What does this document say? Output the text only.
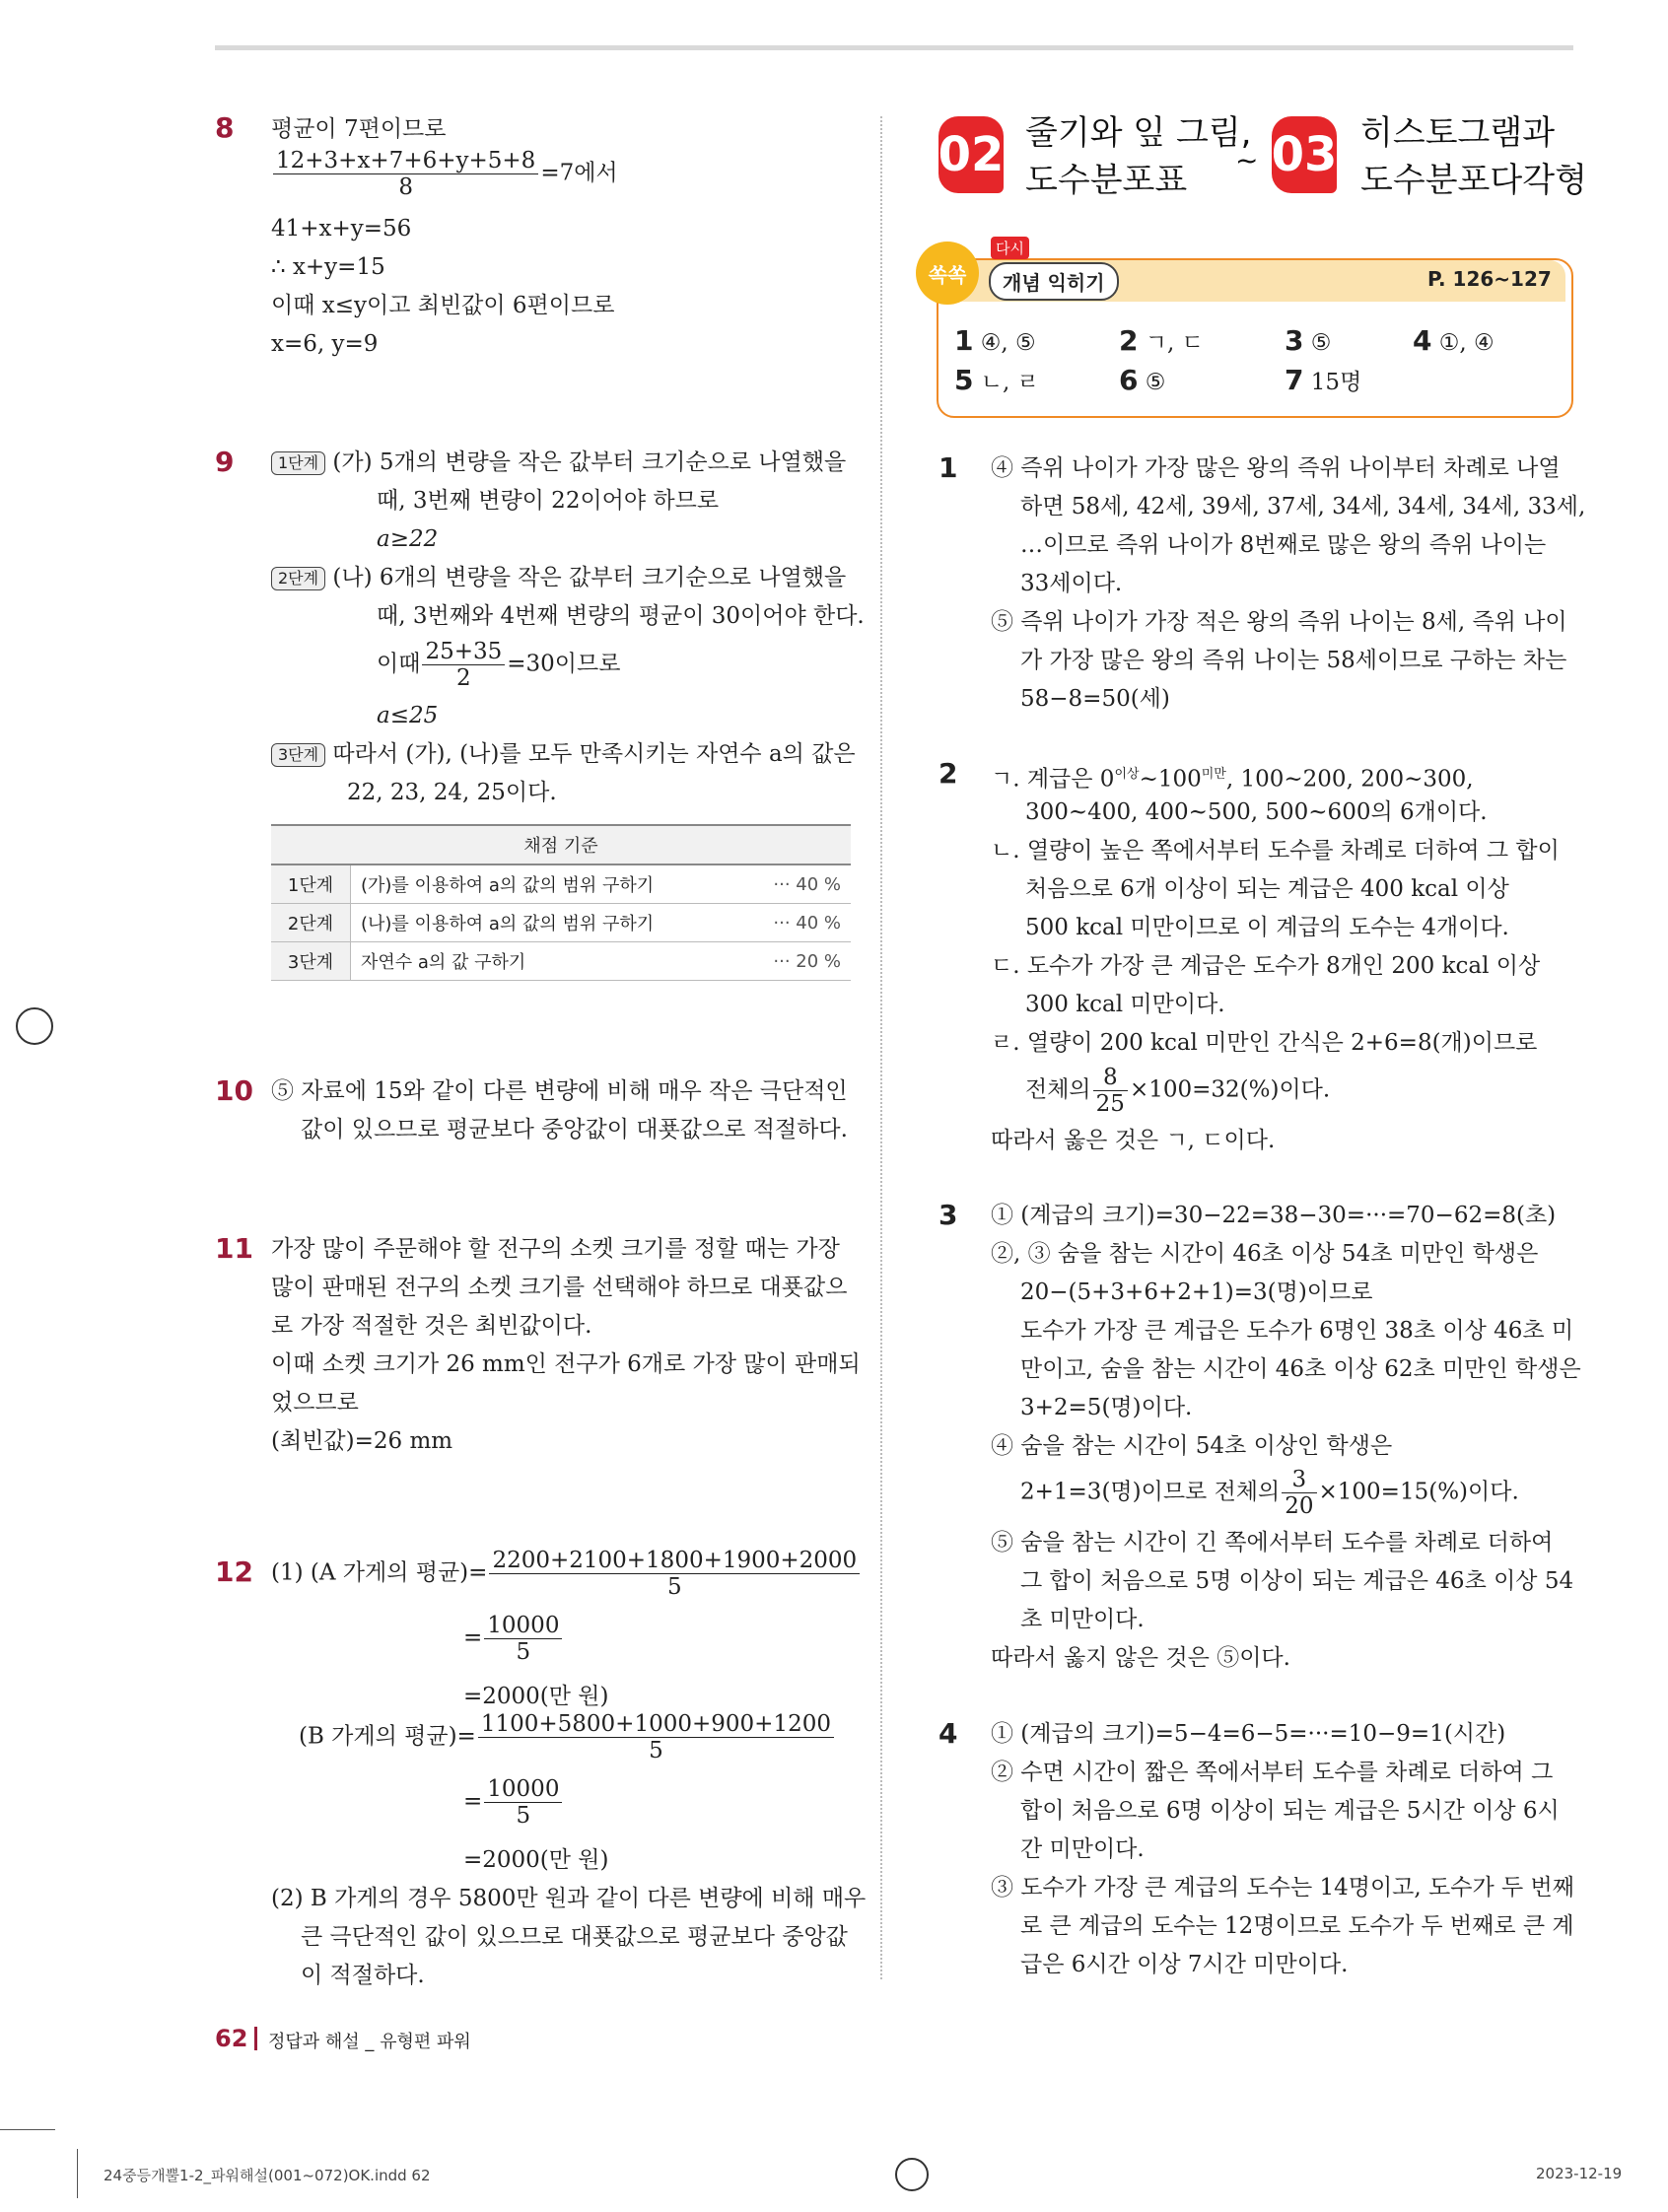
8 평균이 7편이므로
$\frac{12+3+x+7+6+y+5+8}{8} =7$에서
41+x+y=56
∴ x+y=15
이때 x≤y이고 최빈값이 6편이므로
x=6, y=9
9	1단계 (가) 5개의 변량을 작은 값부터 크기순으로 나열했을
때, 3번째 변량이 22이어야 하므로
a≥22
2단계 (나) 6개의 변량을 작은 값부터 크기순으로 나열했을
때, 3번째와 4번째 변량의 평균이 30이어야 한다.
이때 $\frac{25+35}{2} =30$이므로
a≤25
3단계 따라서 (가), (나)를 모두 만족시키는 자연수 a의 값은
22, 23, 24, 25이다.
채점 기준		
1단계	(가)를 이용하여 a의 값의 범위 구하기	··· 40 %
2단계	(나)를 이용하여 a의 값의 범위 구하기	··· 40 %
3단계	자연수 a의 값 구하기	··· 20 %
10 ⑤ 자료에 15와 같이 다른 변량에 비해 매우 작은 극단적인
값이 있으므로 평균보다 중앙값이 대푯값으로 적절하다.
11 가장 많이 주문해야 할 전구의 소켓 크기를 정할 때는 가장
많이 판매된 전구의 소켓 크기를 선택해야 하므로 대푯값으
로 가장 적절한 것은 최빈값이다.
이때 소켓 크기가 26 mm인 전구가 6개로 가장 많이 판매되
었으므로
(최빈값)=26 mm
12 (1) (A 가게의 평균)= $\frac{2200+2100+1800+1900+2000}{5}$
= $\frac{10000}{5}$
=2000(만 원)
(B 가게의 평균)= $\frac{1100+5800+1000+900+1200}{5}$
= $\frac{10000}{5}$
=2000(만 원)
(2) B 가게의 경우 5800만 원과 같이 다른 변량에 비해 매우
큰 극단적인 값이 있으므로 대푯값으로 평균보다 중앙값
이 적절하다.
02 줄기와 잎 그림,
도수분포표
~ 03 히스토그램과
도수분포다각형
쏙쏙
다시
개념 익히기	P. 126~127
1 ④, ⑤	2 ㄱ, ㄷ	3 ⑤	4 ①, ④
5 ㄴ, ㄹ	6 ⑤	7 15명
1 ④ 즉위 나이가 가장 많은 왕의 즉위 나이부터 차례로 나열
하면 58세, 42세, 39세, 37세, 34세, 34세, 34세, 33세,
…이므로 즉위 나이가 8번째로 많은 왕의 즉위 나이는
33세이다.
⑤ 즉위 나이가 가장 적은 왕의 즉위 나이는 8세, 즉위 나이
가 가장 많은 왕의 즉위 나이는 58세이므로 구하는 차는
58−8=50(세)
2 ㄱ. 계급은 $0^{이상}\sim 100^{미만}$, 100~200, 200~300,
300~400, 400~500, 500~600의 6개이다.
ㄴ. 열량이 높은 쪽에서부터 도수를 차례로 더하여 그 합이
처음으로 6개 이상이 되는 계급은 400 kcal 이상
500 kcal 미만이므로 이 계급의 도수는 4개이다.
ㄷ. 도수가 가장 큰 계급은 도수가 8개인 200 kcal 이상
300 kcal 미만이다.
ㄹ. 열량이 200 kcal 미만인 간식은 2+6=8(개)이므로
전체의 $\frac{8}{25} \times 100=32(\%)$이다.
따라서 옳은 것은 ㄱ, ㄷ이다.
3 ① (계급의 크기)=30−22=38−30=···=70−62=8(초)
②, ③ 숨을 참는 시간이 46초 이상 54초 미만인 학생은
20−(5+3+6+2+1)=3(명)이므로
도수가 가장 큰 계급은 도수가 6명인 38초 이상 46초 미
만이고, 숨을 참는 시간이 46초 이상 62초 미만인 학생은
3+2=5(명)이다.
④ 숨을 참는 시간이 54초 이상인 학생은
2+1=3(명)이므로 전체의 $\frac{3}{20} \times 100=15(\%)$이다.
⑤ 숨을 참는 시간이 긴 쪽에서부터 도수를 차례로 더하여
그 합이 처음으로 5명 이상이 되는 계급은 46초 이상 54
초 미만이다.
따라서 옳지 않은 것은 ⑤이다.
4 ① (계급의 크기)=5−4=6−5=···=10−9=1(시간)
② 수면 시간이 짧은 쪽에서부터 도수를 차례로 더하여 그
합이 처음으로 6명 이상이 되는 계급은 5시간 이상 6시
간 미만이다.
③ 도수가 가장 큰 계급의 도수는 14명이고, 도수가 두 번째
로 큰 계급의 도수는 12명이므로 도수가 두 번째로 큰 계
급은 6시간 이상 7시간 미만이다.
62 정답과 해설 _ 유형편 파워
24중등개뿔1-2_파워해설(001~072)OK.indd 62	2023-12-19
